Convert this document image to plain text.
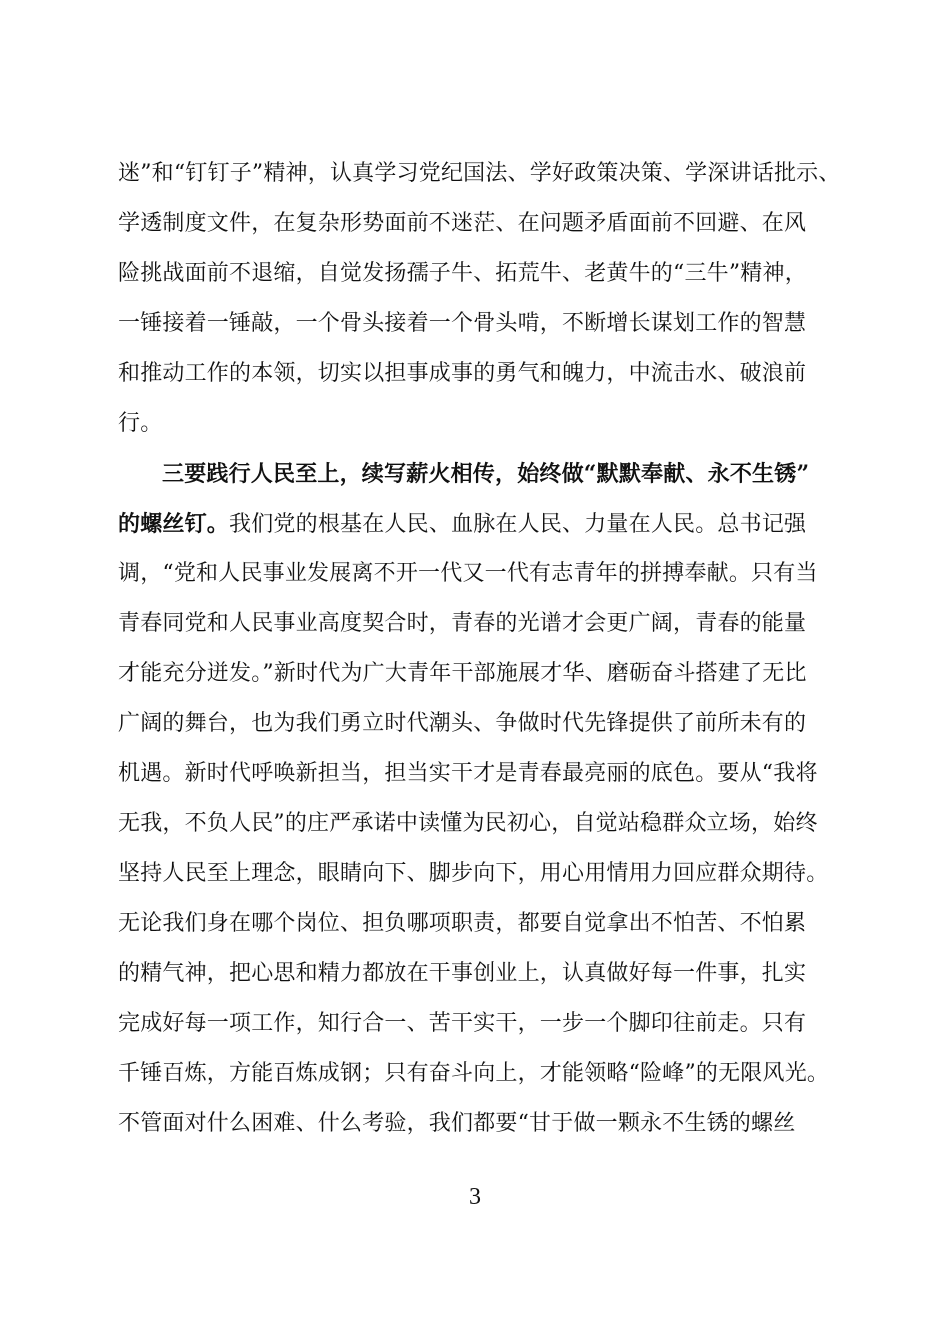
迷”和“钉钉子”精神，认真学习党纪国法、学好政策决策、学深讲话批示、
学透制度文件，在复杂形势面前不迷茫、在问题矛盾面前不回避、在风
险挑战面前不退缩，自觉发扬孺子牛、拓荒牛、老黄牛的“三牛”精神，
一锤接着一锤敲，一个骨头接着一个骨头啃，不断增长谋划工作的智慧
和推动工作的本领，切实以担事成事的勇气和魄力，中流击水、破浪前
行。
三要践行人民至上，续写薪火相传，始终做“默默奉献、永不生锈”
的螺丝钉。我们党的根基在人民、血脉在人民、力量在人民。总书记强
调，“党和人民事业发展离不开一代又一代有志青年的拼搏奉献。只有当
青春同党和人民事业高度契合时，青春的光谱才会更广阔，青春的能量
才能充分迸发。”新时代为广大青年干部施展才华、磨砺奋斗搭建了无比
广阔的舞台，也为我们勇立时代潮头、争做时代先锋提供了前所未有的
机遇。新时代呼唤新担当，担当实干才是青春最亮丽的底色。要从“我将
无我，不负人民”的庄严承诺中读懂为民初心，自觉站稳群众立场，始终
坚持人民至上理念，眼睛向下、脚步向下，用心用情用力回应群众期待。
无论我们身在哪个岗位、担负哪项职责，都要自觉拿出不怕苦、不怕累
的精气神，把心思和精力都放在干事创业上，认真做好每一件事，扎实
完成好每一项工作，知行合一、苦干实干，一步一个脚印往前走。只有
千锤百炼，方能百炼成钢；只有奋斗向上，才能领略“险峰”的无限风光。
不管面对什么困难、什么考验，我们都要“甘于做一颗永不生锈的螺丝
3
